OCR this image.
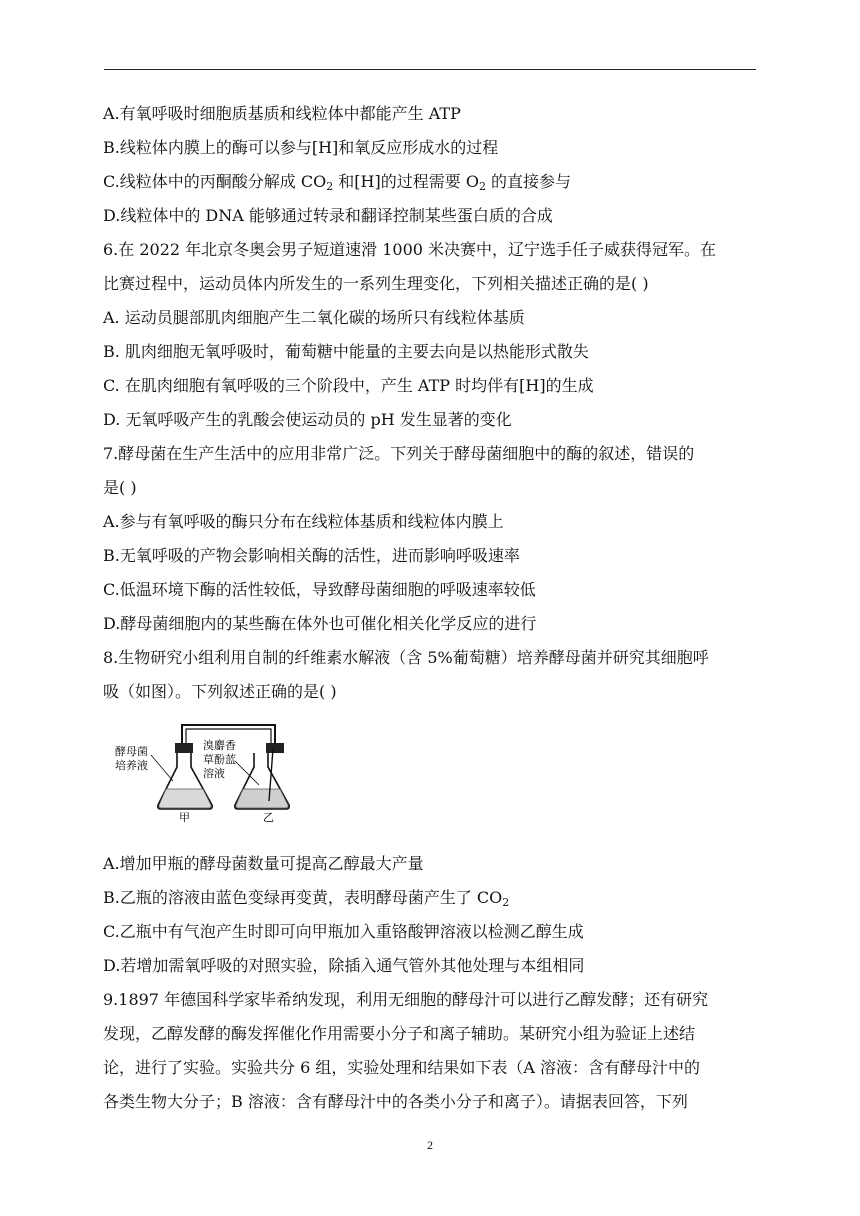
A.有氧呼吸时细胞质基质和线粒体中都能产生 ATP
B.线粒体内膜上的酶可以参与[H]和氧反应形成水的过程
C.线粒体中的丙酮酸分解成 $CO_2$ 和[H]的过程需要 $O_2$ 的直接参与
D.线粒体中的 DNA 能够通过转录和翻译控制某些蛋白质的合成
6.在 2022 年北京冬奥会男子短道速滑 1000 米决赛中，辽宁选手任子威获得冠军。在
比赛过程中，运动员体内所发生的一系列生理变化，下列相关描述正确的是( )
A. 运动员腿部肌肉细胞产生二氧化碳的场所只有线粒体基质
B. 肌肉细胞无氧呼吸时，葡萄糖中能量的主要去向是以热能形式散失
C. 在肌肉细胞有氧呼吸的三个阶段中，产生 ATP 时均伴有[H]的生成
D. 无氧呼吸产生的乳酸会使运动员的 pH 发生显著的变化
7.酵母菌在生产生活中的应用非常广泛。下列关于酵母菌细胞中的酶的叙述，错误的
是( )
A.参与有氧呼吸的酶只分布在线粒体基质和线粒体内膜上
B.无氧呼吸的产物会影响相关酶的活性，进而影响呼吸速率
C.低温环境下酶的活性较低，导致酵母菌细胞的呼吸速率较低
D.酵母菌细胞内的某些酶在体外也可催化相关化学反应的进行
8.生物研究小组利用自制的纤维素水解液（含 5%葡萄糖）培养酵母菌并研究其细胞呼
吸（如图）。下列叙述正确的是( )
酵母菌
培养液
溴麝香
草酚蓝
溶液
甲	乙
A.增加甲瓶的酵母菌数量可提高乙醇最大产量
B.乙瓶的溶液由蓝色变绿再变黄，表明酵母菌产生了 $CO_2$
C.乙瓶中有气泡产生时即可向甲瓶加入重铬酸钾溶液以检测乙醇生成
D.若增加需氧呼吸的对照实验，除插入通气管外其他处理与本组相同
9.1897 年德国科学家毕希纳发现，利用无细胞的酵母汁可以进行乙醇发酵；还有研究
发现，乙醇发酵的酶发挥催化作用需要小分子和离子辅助。某研究小组为验证上述结
论，进行了实验。实验共分 6 组，实验处理和结果如下表（A 溶液：含有酵母汁中的
各类生物大分子；B 溶液：含有酵母汁中的各类小分子和离子）。请据表回答，下列
2
